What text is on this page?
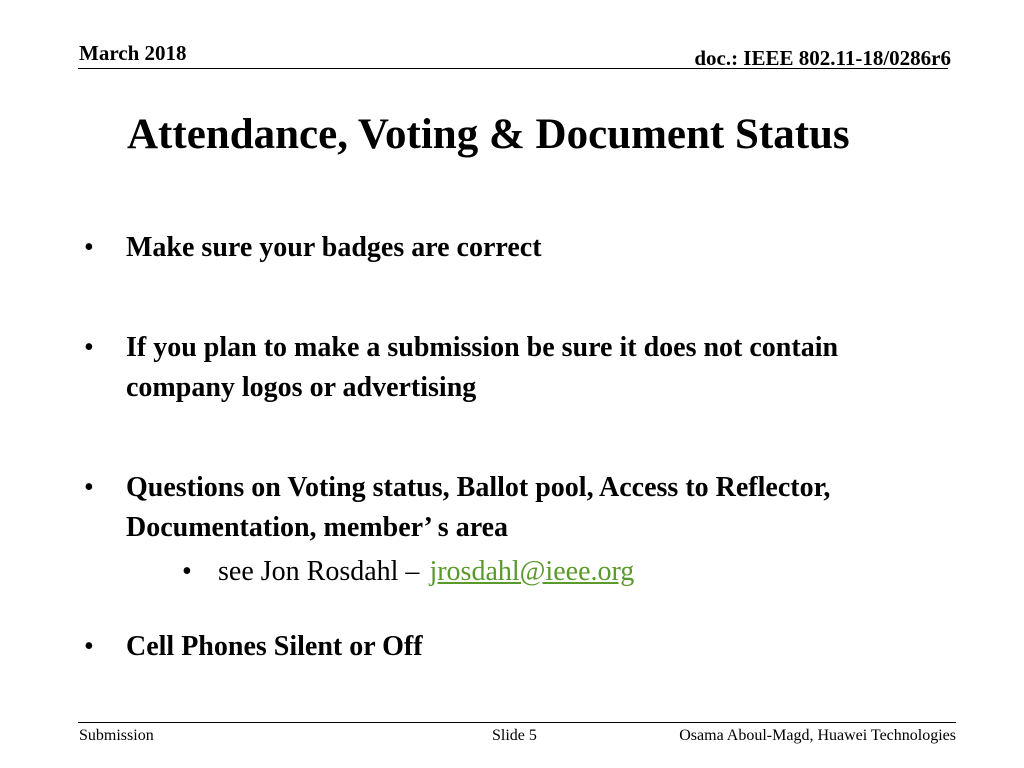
March 2018	doc.: IEEE 802.11-18/0286r6
Attendance, Voting & Document Status
• Make sure your badges are correct
• If you plan to make a submission be sure it does not contain company logos or advertising
• Questions on Voting status, Ballot pool, Access to Reflector, Documentation, member’ s area
• see Jon Rosdahl – jrosdahl@ieee.org
• Cell Phones Silent or Off
Submission	Slide 5	Osama Aboul-Magd, Huawei Technologies
